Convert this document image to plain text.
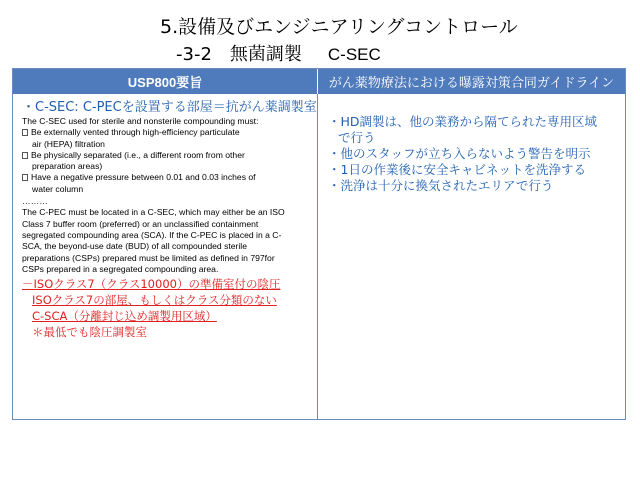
5.設備及びエンジニアリングコントロール
-3-2　無菌調製 C-SEC
USP800要旨	がん薬物療法における曝露対策合同ガイドライン
・C-SEC: C-PECを設置する部屋＝抗がん薬調製室

The C-SEC used for sterile and nonsterile compounding must:

Be externally vented through high-efficiency particulate

air (HEPA) filtration

Be physically separated (i.e., a different room from other

preparation areas)

Have a negative pressure between 0.01 and 0.03 inches of

water column

………

The C-PEC must be located in a C-SEC, which may either be an ISO

Class 7 buffer room (preferred) or an unclassified containment

segregated compounding area (SCA). If the C-PEC is placed in a C-

SCA, the beyond-use date (BUD) of all compounded sterile

preparations (CSPs) prepared must be limited as defined in 797for

CSPs prepared in a segregated compounding area.

－ISOクラス7（クラス10000）の準備室付の陰圧
ISOクラス7の部屋、もしくはクラス分類のない
C-SCA（分離封じ込め調製用区域）
＊最低でも陰圧調製室
・HD調製は、他の業務から隔てられた専用区域
で行う
・他のスタッフが立ち入らないよう警告を明示
・1日の作業後に安全キャビネットを洗浄する
・洗浄は十分に換気されたエリアで行う
